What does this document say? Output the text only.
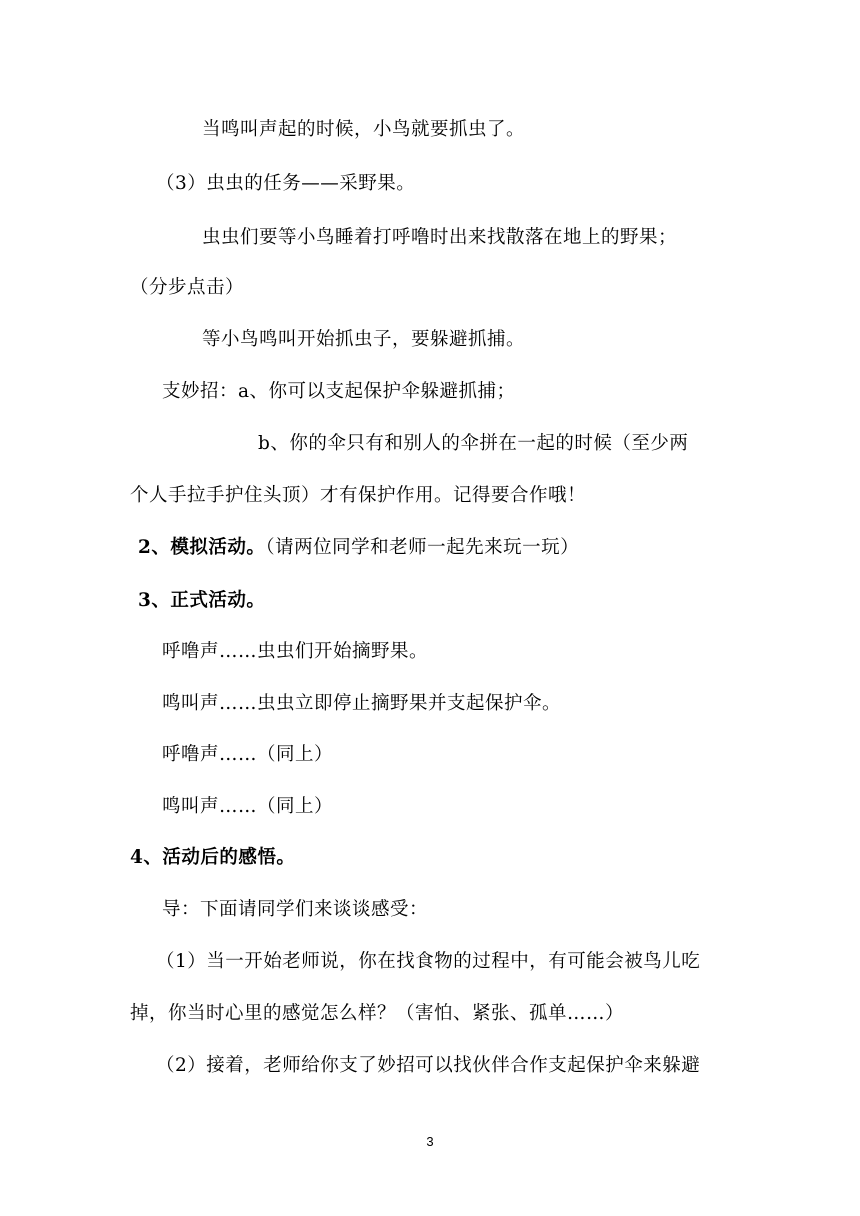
当鸣叫声起的时候，小鸟就要抓虫了。
（3）虫虫的任务——采野果。
虫虫们要等小鸟睡着打呼噜时出来找散落在地上的野果；
（分步点击）
等小鸟鸣叫开始抓虫子，要躲避抓捕。
支妙招：a、你可以支起保护伞躲避抓捕；
b、你的伞只有和别人的伞拼在一起的时候（至少两
个人手拉手护住头顶）才有保护作用。记得要合作哦！
2、模拟活动。（请两位同学和老师一起先来玩一玩）
3、正式活动。
呼噜声……虫虫们开始摘野果。
鸣叫声……虫虫立即停止摘野果并支起保护伞。
呼噜声……（同上）
鸣叫声……（同上）
4、活动后的感悟。
导：下面请同学们来谈谈感受：
（1）当一开始老师说，你在找食物的过程中，有可能会被鸟儿吃
掉，你当时心里的感觉怎么样？（害怕、紧张、孤单……）
（2）接着，老师给你支了妙招可以找伙伴合作支起保护伞来躲避
3
